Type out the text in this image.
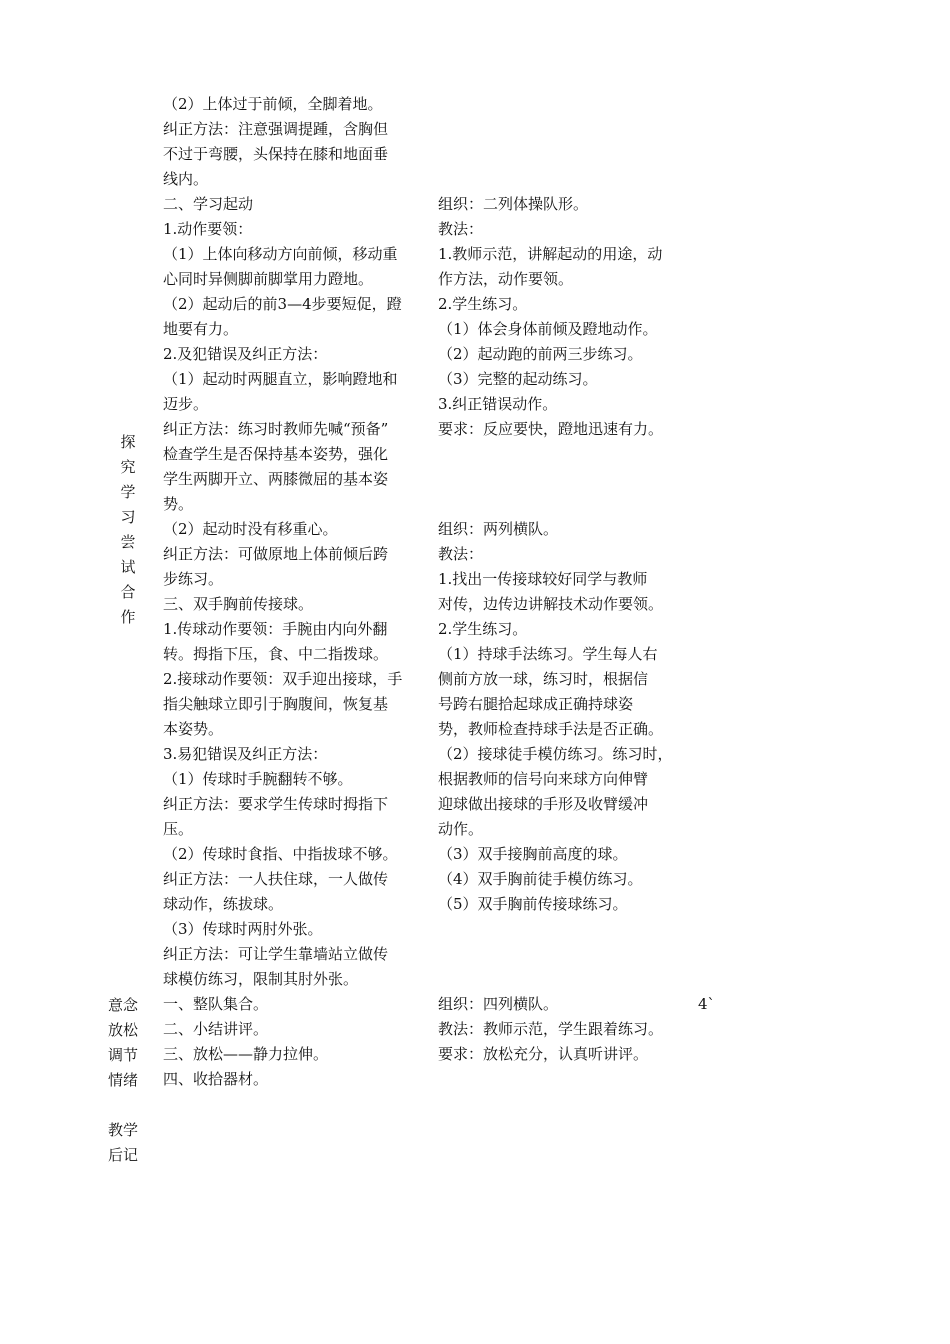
探
究
学
习
尝
试
合
作
意念
放松
调节
情绪
教学
后记
（2）上体过于前倾，全脚着地。
纠正方法：注意强调提踵，含胸但
不过于弯腰，头保持在膝和地面垂
线内。
二、学习起动
1.动作要领：
（1）上体向移动方向前倾，移动重
心同时异侧脚前脚掌用力蹬地。
（2）起动后的前3—4步要短促，蹬
地要有力。
2.及犯错误及纠正方法：
（1）起动时两腿直立，影响蹬地和
迈步。
纠正方法：练习时教师先喊“预备”
检查学生是否保持基本姿势，强化
学生两脚开立、两膝微屈的基本姿
势。
（2）起动时没有移重心。
纠正方法：可做原地上体前倾后跨
步练习。
三、双手胸前传接球。
1.传球动作要领：手腕由内向外翻
转。拇指下压，食、中二指拨球。
2.接球动作要领：双手迎出接球，手
指尖触球立即引于胸腹间，恢复基
本姿势。
3.易犯错误及纠正方法：
（1）传球时手腕翻转不够。
纠正方法：要求学生传球时拇指下
压。
（2）传球时食指、中指拔球不够。
纠正方法：一人扶住球，一人做传
球动作，练拔球。
（3）传球时两肘外张。
纠正方法：可让学生靠墙站立做传
球模仿练习，限制其肘外张。
一、整队集合。
二、小结讲评。
三、放松——静力拉伸。
四、收拾器材。
组织：二列体操队形。
教法：
1.教师示范，讲解起动的用途，动
作方法，动作要领。
2.学生练习。
（1）体会身体前倾及蹬地动作。
（2）起动跑的前两三步练习。
（3）完整的起动练习。
3.纠正错误动作。
要求：反应要快，蹬地迅速有力。
组织：两列横队。
教法：
1.找出一传接球较好同学与教师
对传，边传边讲解技术动作要领。
2.学生练习。
（1）持球手法练习。学生每人右
侧前方放一球，练习时，根据信
号跨右腿拾起球成正确持球姿
势，教师检查持球手法是否正确。
（2）接球徒手模仿练习。练习时，
根据教师的信号向来球方向伸臂
迎球做出接球的手形及收臂缓冲
动作。
（3）双手接胸前高度的球。
（4）双手胸前徒手模仿练习。
（5）双手胸前传接球练习。
组织：四列横队。
教法：教师示范，学生跟着练习。
要求：放松充分，认真听讲评。
4`
